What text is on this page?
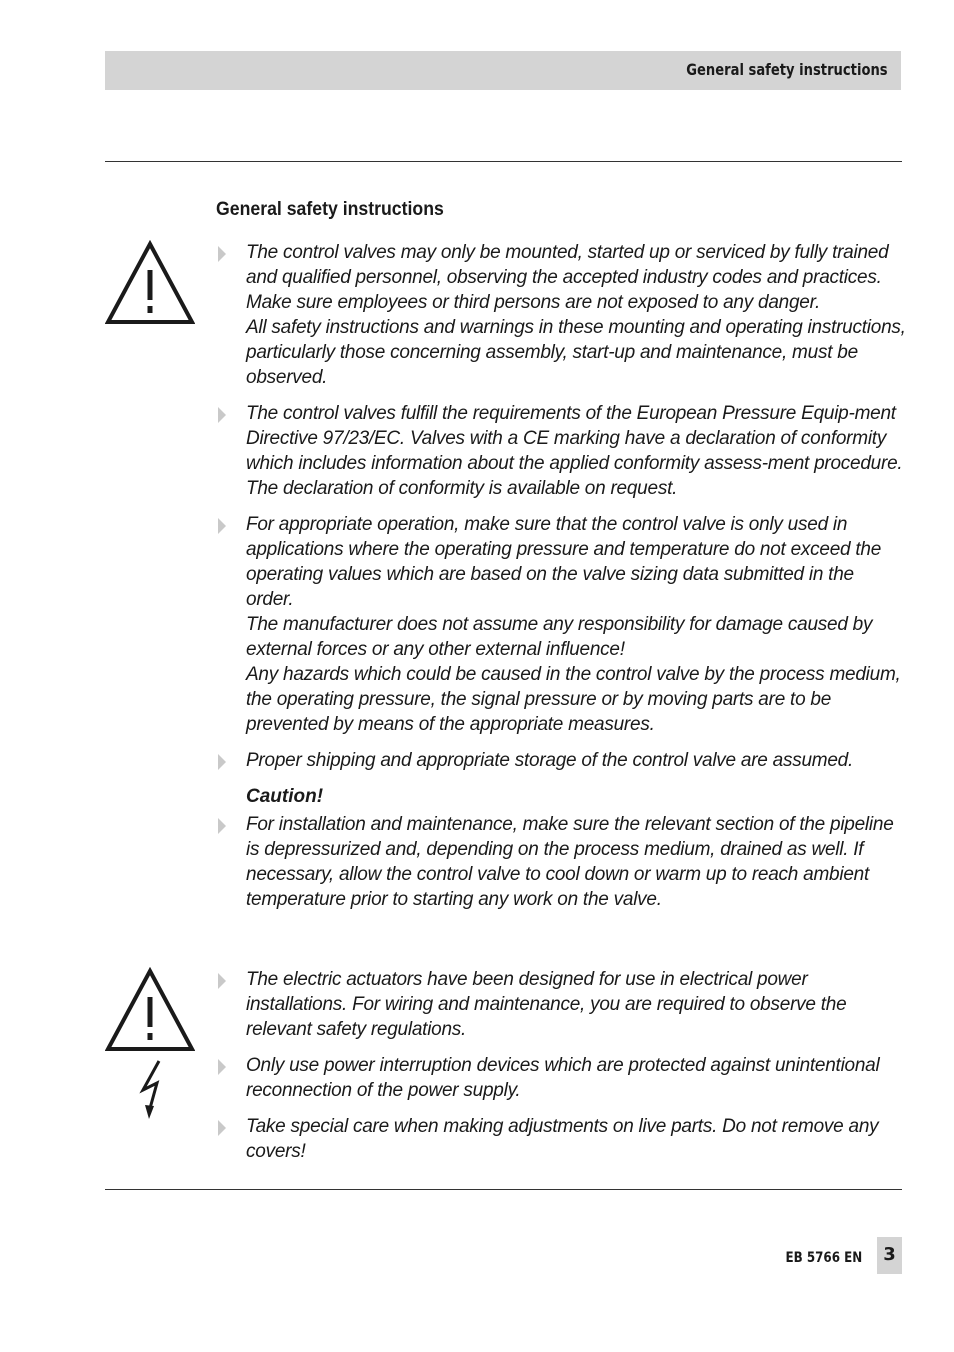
General safety instructions
General safety instructions
The control valves may only be mounted, started up or serviced by fully trained and qualified personnel, observing the accepted industry codes and practices. Make sure employees or third persons are not exposed to any danger.
All safety instructions and warnings in these mounting and operating instructions, particularly those concerning assembly, start-up and maintenance, must be observed.
The control valves fulfill the requirements of the European Pressure Equip-ment Directive 97/23/EC. Valves with a CE marking have a declaration of conformity which includes information about the applied conformity assess-ment procedure. The declaration of conformity is available on request.
For appropriate operation, make sure that the control valve is only used in applications where the operating pressure and temperature do not exceed the operating values which are based on the valve sizing data submitted in the order.
The manufacturer does not assume any responsibility for damage caused by external forces or any other external influence!
Any hazards which could be caused in the control valve by the process medium, the operating pressure, the signal pressure or by moving parts are to be prevented by means of the appropriate measures.
Proper shipping and appropriate storage of the control valve are assumed.
Caution!
For installation and maintenance, make sure the relevant section of the pipeline is depressurized and, depending on the process medium, drained as well. If necessary, allow the control valve to cool down or warm up to reach ambient temperature prior to starting any work on the valve.
The electric actuators have been designed for use in electrical power installations. For wiring and maintenance, you are required to observe the relevant safety regulations.
Only use power interruption devices which are protected against unintentional reconnection of the power supply.
Take special care when making adjustments on live parts. Do not remove any covers!
EB 5766 EN	3
